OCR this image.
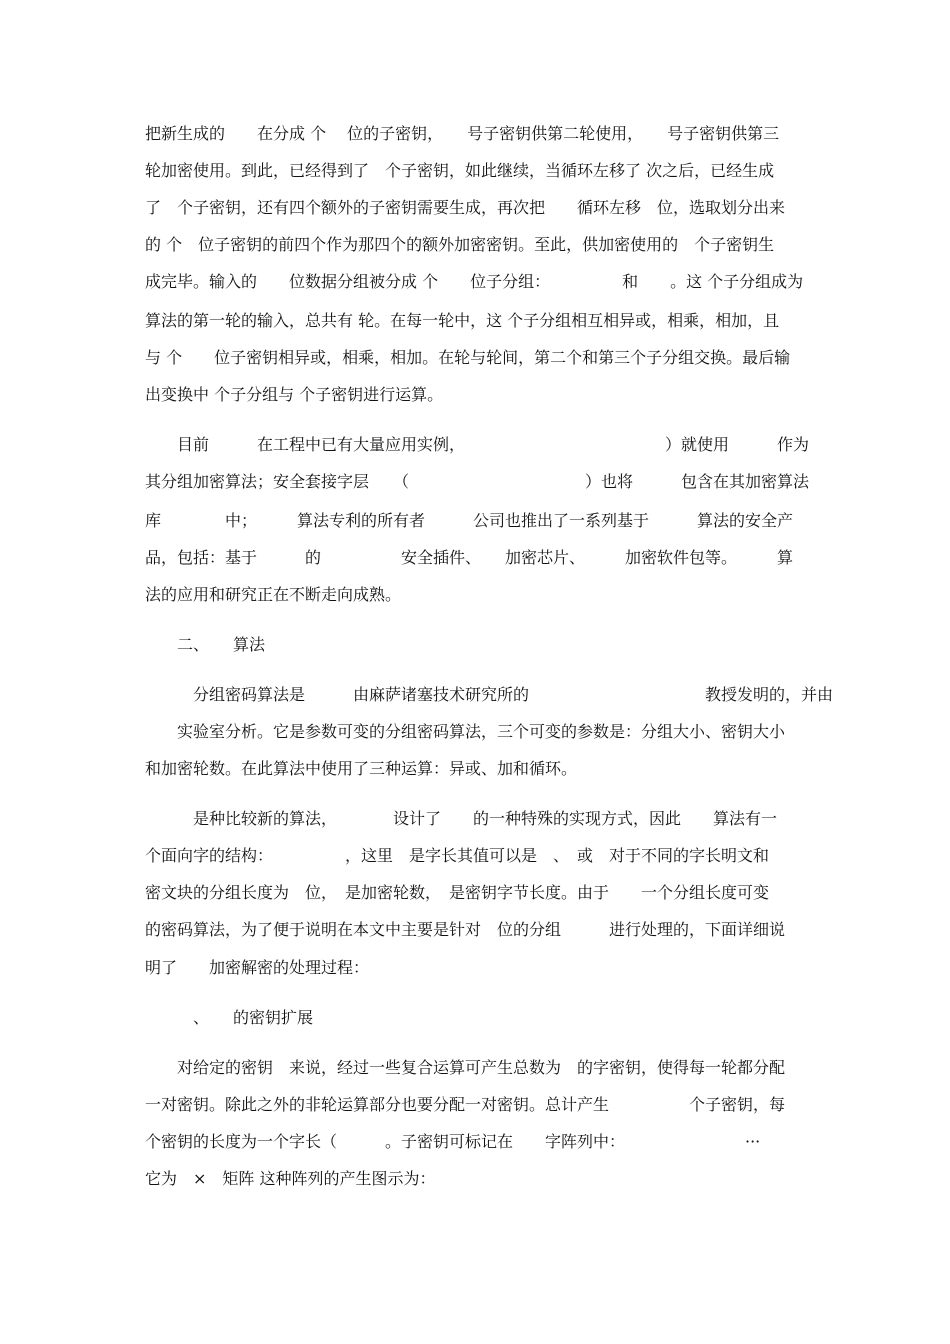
把新生成的　　在分成 个　 位的子密钥，　　号子密钥供第二轮使用，　　号子密钥供第三

轮加密使用。到此，已经得到了　个子密钥，如此继续，当循环左移了 次之后，已经生成

了　个子密钥，还有四个额外的子密钥需要生成，再次把　　循环左移　位，选取划分出来

的 个　位子密钥的前四个作为那四个的额外加密密钥。至此，供加密使用的　个子密钥生

成完毕。输入的　　位数据分组被分成 个　　位子分组：　　　　　和　　。这 个子分组成为

算法的第一轮的输入，总共有 轮。在每一轮中，这 个子分组相互相异或，相乘，相加，且

与 个　　位子密钥相异或，相乘，相加。在轮与轮间，第二个和第三个子分组交换。最后输

出变换中 个子分组与 个子密钥进行运算。

　　目前　　　在工程中已有大量应用实例，　　　　　　　　　　　　　）就使用　　　作为

其分组加密算法；安全套接字层　　（　　　　　　　　　　　）也将　　　包含在其加密算法

库　　　　中；　　　算法专利的所有者　　　公司也推出了一系列基于　　　算法的安全产

品，包括：基于　　　的　　　　　安全插件、　　加密芯片、　　　加密软件包等。　　　算

法的应用和研究正在不断走向成熟。

　　二、　　算法

　　　分组密码算法是　　　由麻萨诸塞技术研究所的　　　　　　　　　　　教授发明的，并由

　　实验室分析。它是参数可变的分组密码算法，三个可变的参数是：分组大小、密钥大小

和加密轮数。在此算法中使用了三种运算：异或、加和循环。

　　　是种比较新的算法，　　　　设计了　　的一种特殊的实现方式，因此　　算法有一

个面向字的结构：　　　　　，这里　是字长其值可以是　、　或　对于不同的字长明文和

密文块的分组长度为　位，　是加密轮数，　是密钥字节长度。由于　　一个分组长度可变

的密码算法，为了便于说明在本文中主要是针对　位的分组　　　进行处理的，下面详细说

明了　　加密解密的处理过程：

　　　、　　的密钥扩展

　　对给定的密钥　来说，经过一些复合运算可产生总数为　的字密钥，使得每一轮都分配

一对密钥。除此之外的非轮运算部分也要分配一对密钥。总计产生　　　　　个子密钥，每

个密钥的长度为一个字长（　　　。子密钥可标记在　　字阵列中：　　　　　　　　···

它为　×　矩阵 这种阵列的产生图示为：
